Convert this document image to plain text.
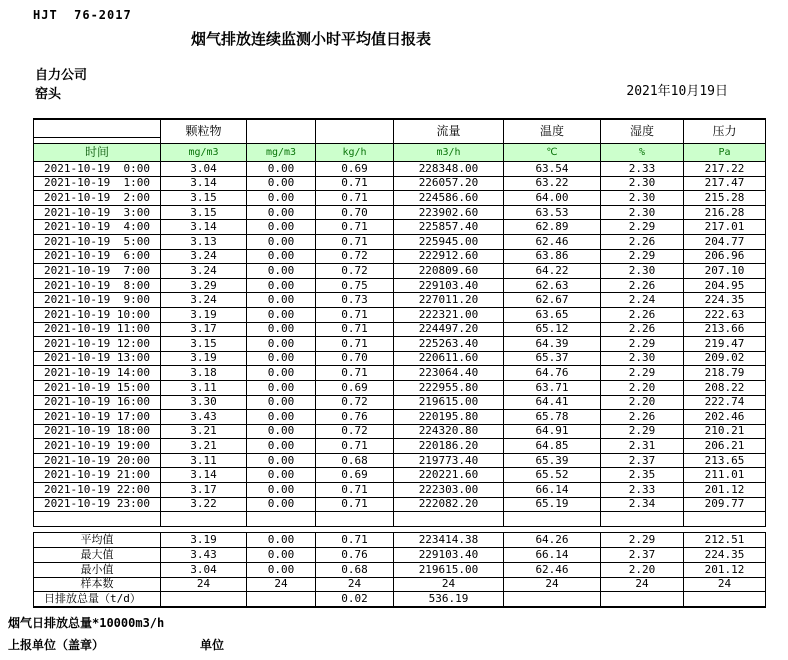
HJT  76-2017
烟气排放连续监测小时平均值日报表
自力公司
窑头	2021年10月19日
	颗粒物			流量	温度	湿度	压力

时间	mg/m3	mg/m3	kg/h	m3/h	℃	%	Pa
2021-10-19  0:00	3.04	0.00	0.69	228348.00	63.54	2.33	217.22
2021-10-19  1:00	3.14	0.00	0.71	226057.20	63.22	2.30	217.47
2021-10-19  2:00	3.15	0.00	0.71	224586.60	64.00	2.30	215.28
2021-10-19  3:00	3.15	0.00	0.70	223902.60	63.53	2.30	216.28
2021-10-19  4:00	3.14	0.00	0.71	225857.40	62.89	2.29	217.01
2021-10-19  5:00	3.13	0.00	0.71	225945.00	62.46	2.26	204.77
2021-10-19  6:00	3.24	0.00	0.72	222912.60	63.86	2.29	206.96
2021-10-19  7:00	3.24	0.00	0.72	220809.60	64.22	2.30	207.10
2021-10-19  8:00	3.29	0.00	0.75	229103.40	62.63	2.26	204.95
2021-10-19  9:00	3.24	0.00	0.73	227011.20	62.67	2.24	224.35
2021-10-19 10:00	3.19	0.00	0.71	222321.00	63.65	2.26	222.63
2021-10-19 11:00	3.17	0.00	0.71	224497.20	65.12	2.26	213.66
2021-10-19 12:00	3.15	0.00	0.71	225263.40	64.39	2.29	219.47
2021-10-19 13:00	3.19	0.00	0.70	220611.60	65.37	2.30	209.02
2021-10-19 14:00	3.18	0.00	0.71	223064.40	64.76	2.29	218.79
2021-10-19 15:00	3.11	0.00	0.69	222955.80	63.71	2.20	208.22
2021-10-19 16:00	3.30	0.00	0.72	219615.00	64.41	2.20	222.74
2021-10-19 17:00	3.43	0.00	0.76	220195.80	65.78	2.26	202.46
2021-10-19 18:00	3.21	0.00	0.72	224320.80	64.91	2.29	210.21
2021-10-19 19:00	3.21	0.00	0.71	220186.20	64.85	2.31	206.21
2021-10-19 20:00	3.11	0.00	0.68	219773.40	65.39	2.37	213.65
2021-10-19 21:00	3.14	0.00	0.69	220221.60	65.52	2.35	211.01
2021-10-19 22:00	3.17	0.00	0.71	222303.00	66.14	2.33	201.12
2021-10-19 23:00	3.22	0.00	0.71	222082.20	65.19	2.34	209.77

平均值	3.19	0.00	0.71	223414.38	64.26	2.29	212.51
最大值	3.43	0.00	0.76	229103.40	66.14	2.37	224.35
最小值	3.04	0.00	0.68	219615.00	62.46	2.20	201.12
样本数	24	24	24	24	24	24	24
日排放总量（t/d）			0.02	536.19			
烟气日排放总量*10000m3/h
上报单位（盖章）	单位
